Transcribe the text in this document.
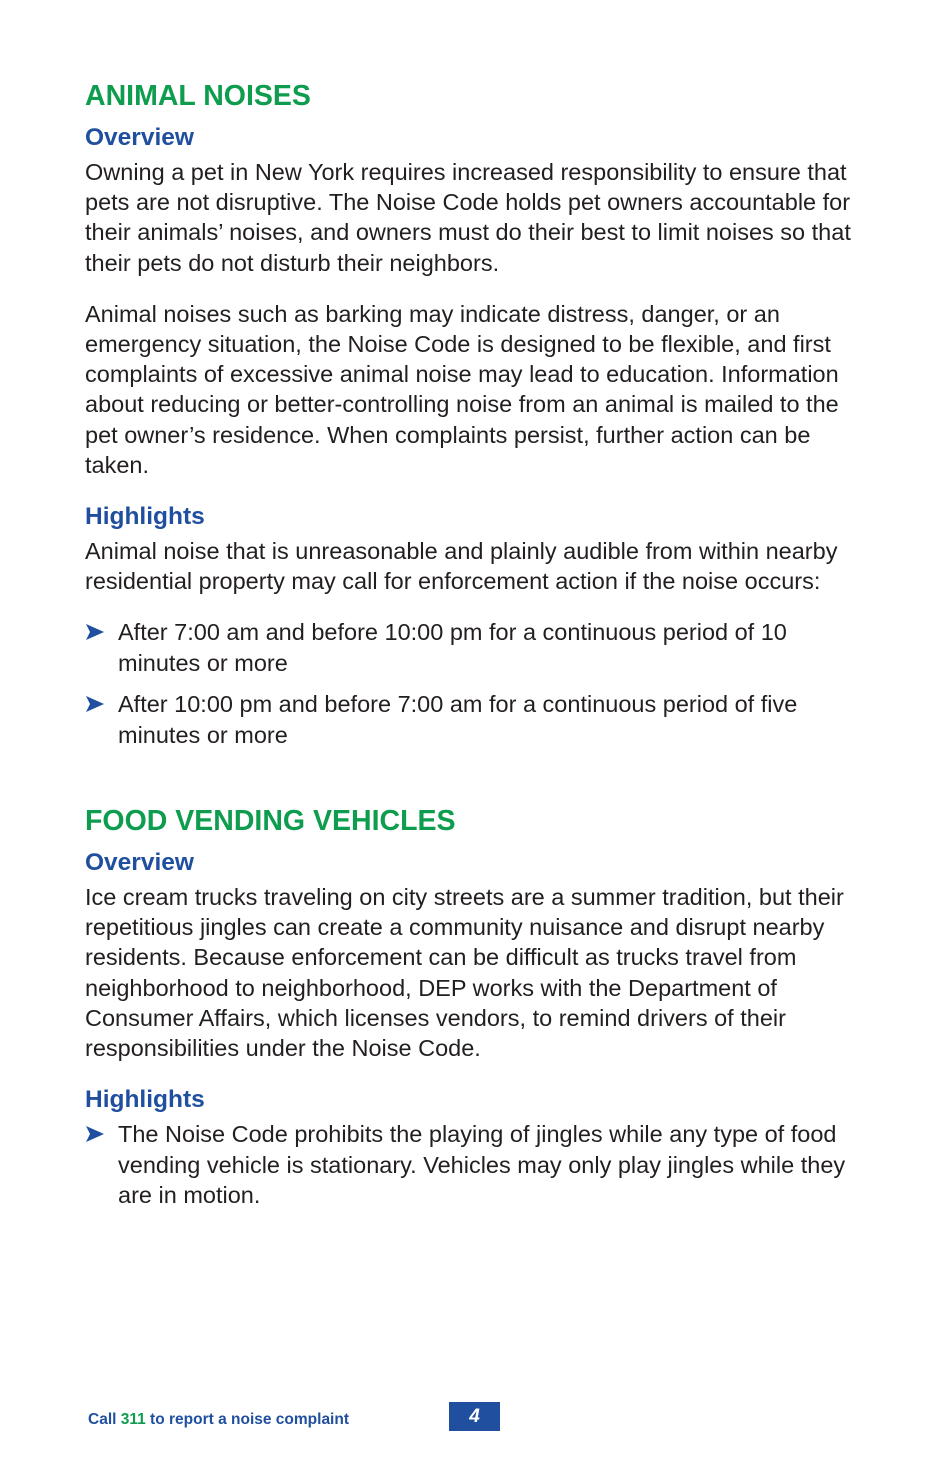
ANIMAL NOISES
Overview

Owning a pet in New York requires increased responsibility to ensure that pets are not disruptive. The Noise Code holds pet owners accountable for their animals’ noises, and owners must do their best to limit noises so that their pets do not disturb their neighbors.

Animal noises such as barking may indicate distress, danger, or an emergency situation, the Noise Code is designed to be flexible, and first complaints of excessive animal noise may lead to education. Information about reducing or better-controlling noise from an animal is mailed to the pet owner’s residence. When complaints persist, further action can be taken.

Highlights

Animal noise that is unreasonable and plainly audible from within nearby residential property may call for enforcement action if the noise occurs:

After 7:00 am and before 10:00 pm for a continuous period of 10 minutes or more
After 10:00 pm and before 7:00 am for a continuous period of five minutes or more
FOOD VENDING VEHICLES
Overview

Ice cream trucks traveling on city streets are a summer tradition, but their repetitious jingles can create a community nuisance and disrupt nearby residents. Because enforcement can be difficult as trucks travel from neighborhood to neighborhood, DEP works with the Department of Consumer Affairs, which licenses vendors, to remind drivers of their responsibilities under the Noise Code.

Highlights
The Noise Code prohibits the playing of jingles while any type of food vending vehicle is stationary. Vehicles may only play jingles while they are in motion.
Call 311 to report a noise complaint	4
